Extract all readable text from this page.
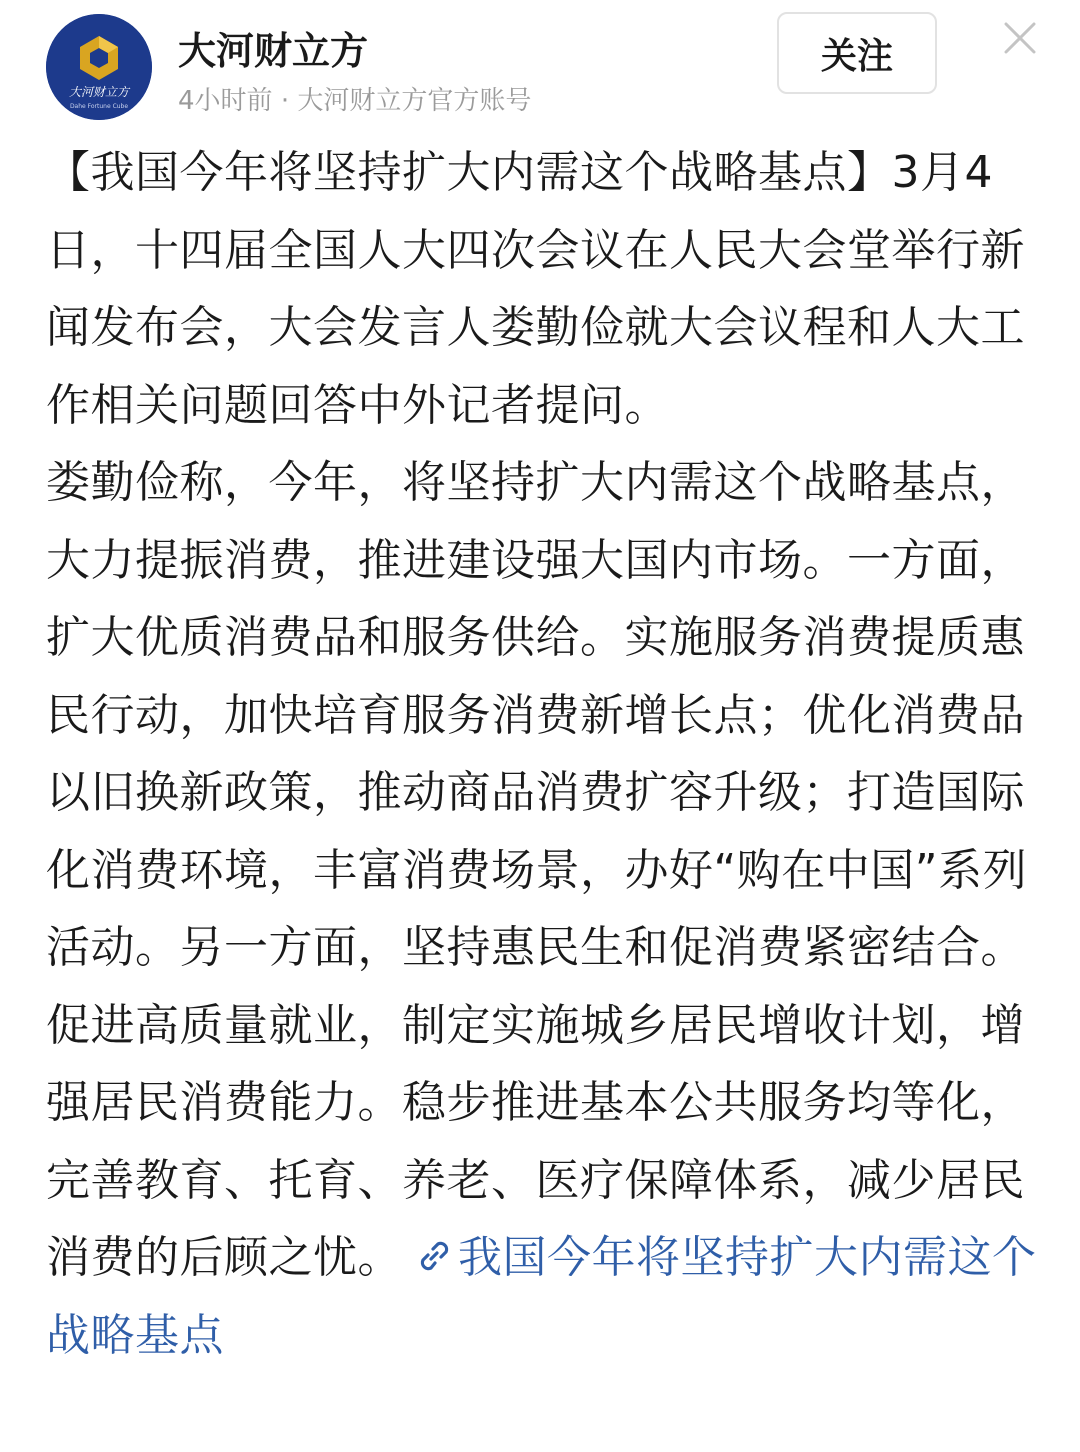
大河财立方
Dahe Fortune Cube
大河财立方
4小时前 · 大河财立方官方账号
关注

【我国今年将坚持扩大内需这个战略基点】3月4日，十四届全国人大四次会议在人民大会堂举行新闻发布会，大会发言人娄勤俭就大会议程和人大工作相关问题回答中外记者提问。

娄勤俭称，今年，将坚持扩大内需这个战略基点，大力提振消费，推进建设强大国内市场。一方面，扩大优质消费品和服务供给。实施服务消费提质惠民行动，加快培育服务消费新增长点；优化消费品以旧换新政策，推动商品消费扩容升级；打造国际化消费环境，丰富消费场景，办好“购在中国”系列活动。另一方面，坚持惠民生和促消费紧密结合。促进高质量就业，制定实施城乡居民增收计划，增强居民消费能力。稳步推进基本公共服务均等化，完善教育、托育、养老、医疗保障体系，减少居民消费的后顾之忧。 我国今年将坚持扩大内需这个战略基点
